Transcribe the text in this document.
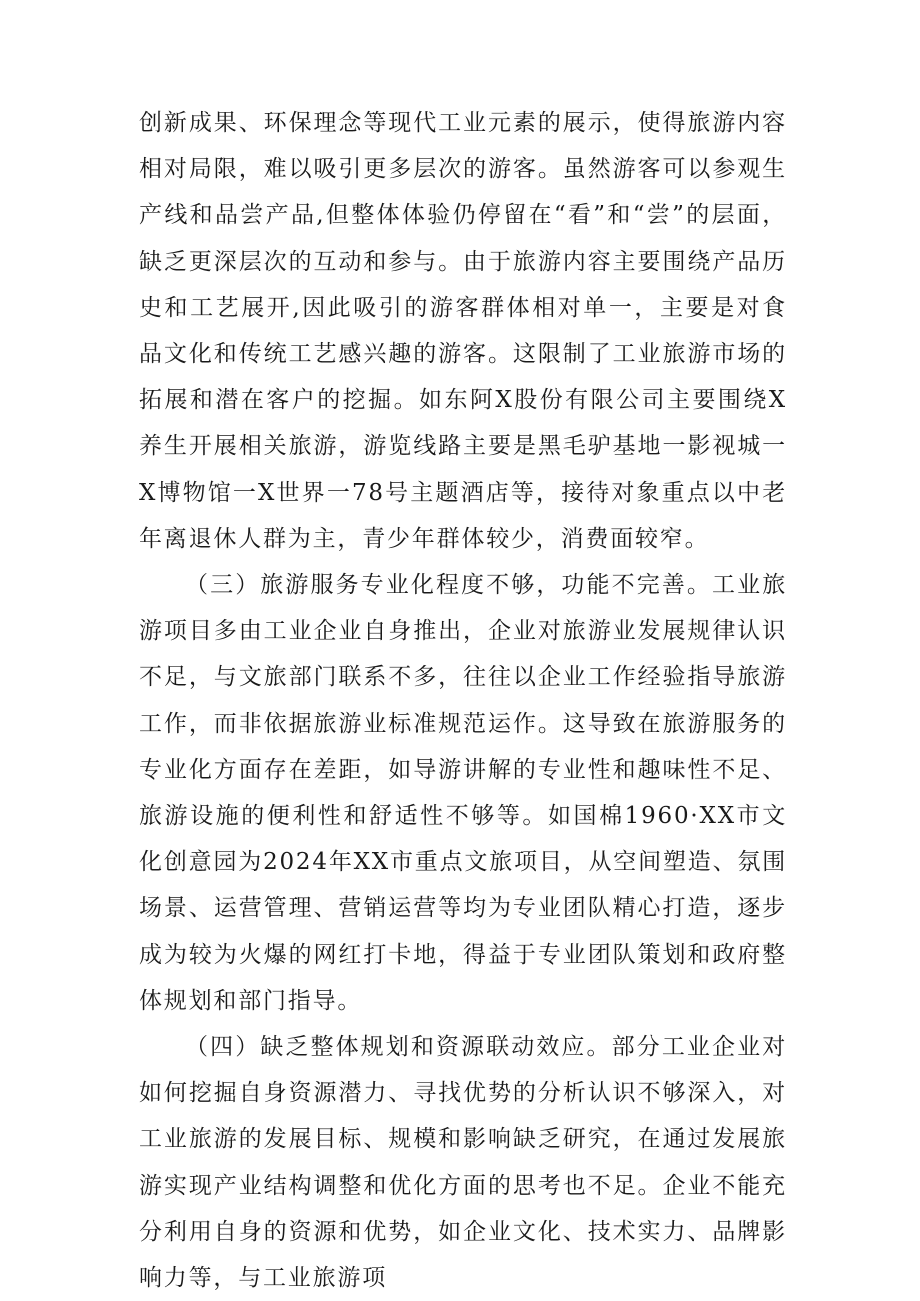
创新成果、环保理念等现代工业元素的展示，使得旅游内容相对局限，难以吸引更多层次的游客。虽然游客可以参观生产线和品尝产品,但整体体验仍停留在“看”和“尝”的层面，缺乏更深层次的互动和参与。由于旅游内容主要围绕产品历史和工艺展开,因此吸引的游客群体相对单一，主要是对食品文化和传统工艺感兴趣的游客。这限制了工业旅游市场的拓展和潜在客户的挖掘。如东阿X股份有限公司主要围绕X养生开展相关旅游，游览线路主要是黑毛驴基地一影视城一X博物馆一X世界一78号主题酒店等，接待对象重点以中老年离退休人群为主，青少年群体较少，消费面较窄。

（三）旅游服务专业化程度不够，功能不完善。工业旅游项目多由工业企业自身推出，企业对旅游业发展规律认识不足，与文旅部门联系不多，往往以企业工作经验指导旅游工作，而非依据旅游业标准规范运作。这导致在旅游服务的专业化方面存在差距，如导游讲解的专业性和趣味性不足、旅游设施的便利性和舒适性不够等。如国棉1960·XX市文化创意园为2024年XX市重点文旅项目，从空间塑造、氛围场景、运营管理、营销运营等均为专业团队精心打造，逐步成为较为火爆的网红打卡地，得益于专业团队策划和政府整体规划和部门指导。

（四）缺乏整体规划和资源联动效应。部分工业企业对如何挖掘自身资源潜力、寻找优势的分析认识不够深入，对工业旅游的发展目标、规模和影响缺乏研究，在通过发展旅游实现产业结构调整和优化方面的思考也不足。企业不能充分利用自身的资源和优势，如企业文化、技术实力、品牌影响力等，与工业旅游项
